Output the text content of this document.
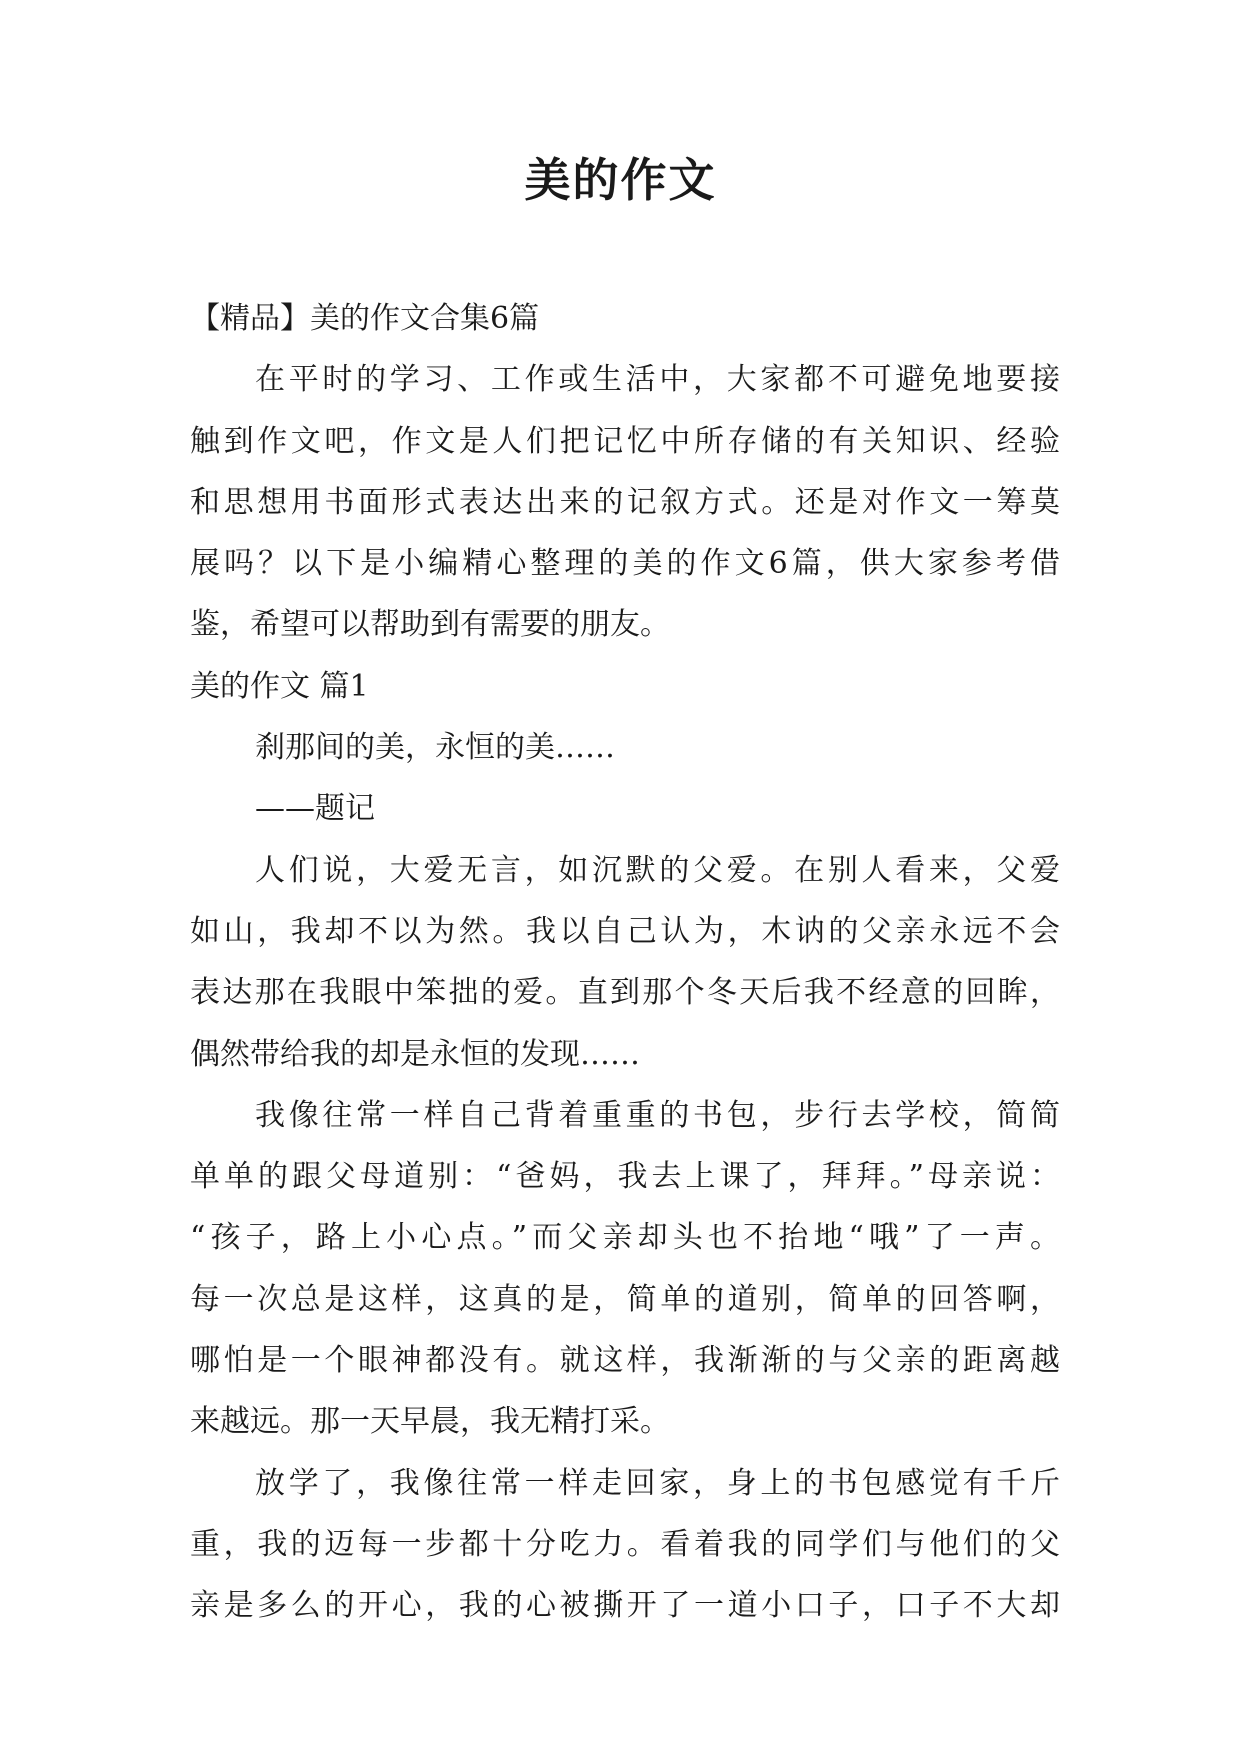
美的作文
【精品】美的作文合集6篇
在平时的学习、工作或生活中，大家都不可避免地要接
触到作文吧，作文是人们把记忆中所存储的有关知识、经验
和思想用书面形式表达出来的记叙方式。还是对作文一筹莫
展吗？以下是小编精心整理的美的作文6篇，供大家参考借
鉴，希望可以帮助到有需要的朋友。
美的作文 篇1
刹那间的美，永恒的美……
——题记
人们说，大爱无言，如沉默的父爱。在别人看来，父爱
如山，我却不以为然。我以自己认为，木讷的父亲永远不会
表达那在我眼中笨拙的爱。直到那个冬天后我不经意的回眸，
偶然带给我的却是永恒的发现……
我像往常一样自己背着重重的书包，步行去学校，简简
单单的跟父母道别：“爸妈，我去上课了，拜拜。”母亲说：
“孩子，路上小心点。”而父亲却头也不抬地“哦”了一声。
每一次总是这样，这真的是，简单的道别，简单的回答啊，
哪怕是一个眼神都没有。就这样，我渐渐的与父亲的距离越
来越远。那一天早晨，我无精打采。
放学了，我像往常一样走回家，身上的书包感觉有千斤
重，我的迈每一步都十分吃力。看着我的同学们与他们的父
亲是多么的开心，我的心被撕开了一道小口子，口子不大却
